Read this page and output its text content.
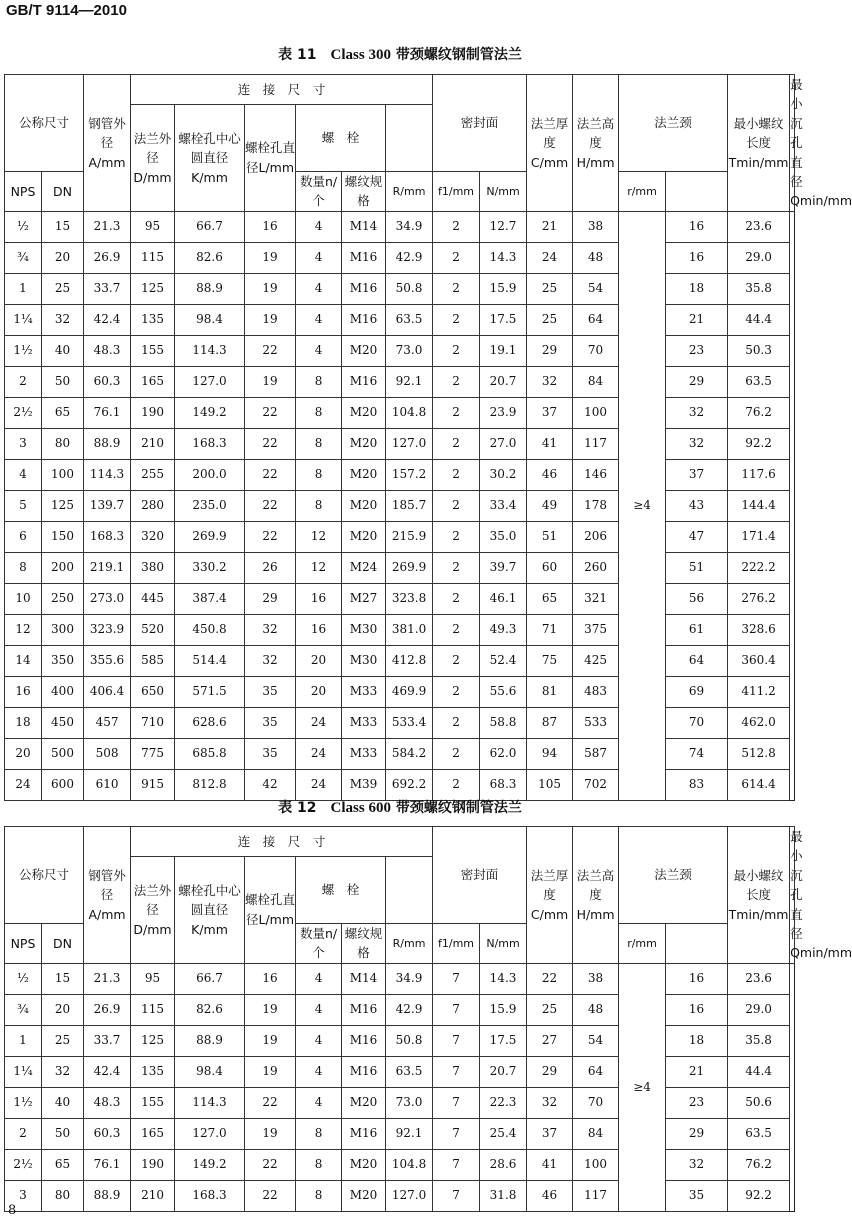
GB/T 9114—2010
表 11 Class 300 带颈螺纹钢制管法兰
公称尺寸		钢管外径A/mm	连　接　尺　寸						密封面		法兰厚度C/mm	法兰高度H/mm	法兰颈		最小螺纹长度Tmin/mm	最小沉孔直径Qmin/mm
			法兰外径D/mm	螺栓孔中心圆直径K/mm	螺栓孔直径L/mm	螺　栓										
NPS	DN					数量n/个	螺纹规格	R/mm	f1/mm	N/mm			r/mm			
½	15	21.3	95	66.7	16	4	M14	34.9	2	12.7	21	38	≥4	16	23.6	
¾	20	26.9	115	82.6	19	4	M16	42.9	2	14.3	24	48		16	29.0	
1	25	33.7	125	88.9	19	4	M16	50.8	2	15.9	25	54		18	35.8	
1¼	32	42.4	135	98.4	19	4	M16	63.5	2	17.5	25	64		21	44.4	
1½	40	48.3	155	114.3	22	4	M20	73.0	2	19.1	29	70		23	50.3	
2	50	60.3	165	127.0	19	8	M16	92.1	2	20.7	32	84		29	63.5	
2½	65	76.1	190	149.2	22	8	M20	104.8	2	23.9	37	100		32	76.2	
3	80	88.9	210	168.3	22	8	M20	127.0	2	27.0	41	117		32	92.2	
4	100	114.3	255	200.0	22	8	M20	157.2	2	30.2	46	146		37	117.6	
5	125	139.7	280	235.0	22	8	M20	185.7	2	33.4	49	178		43	144.4	
6	150	168.3	320	269.9	22	12	M20	215.9	2	35.0	51	206		47	171.4	
8	200	219.1	380	330.2	26	12	M24	269.9	2	39.7	60	260		51	222.2	
10	250	273.0	445	387.4	29	16	M27	323.8	2	46.1	65	321		56	276.2	
12	300	323.9	520	450.8	32	16	M30	381.0	2	49.3	71	375		61	328.6	
14	350	355.6	585	514.4	32	20	M30	412.8	2	52.4	75	425		64	360.4	
16	400	406.4	650	571.5	35	20	M33	469.9	2	55.6	81	483		69	411.2	
18	450	457	710	628.6	35	24	M33	533.4	2	58.8	87	533		70	462.0	
20	500	508	775	685.8	35	24	M33	584.2	2	62.0	94	587		74	512.8	
24	600	610	915	812.8	42	24	M39	692.2	2	68.3	105	702		83	614.4	
表 12 Class 600 带颈螺纹钢制管法兰
公称尺寸		钢管外径A/mm	连　接　尺　寸						密封面		法兰厚度C/mm	法兰高度H/mm	法兰颈		最小螺纹长度Tmin/mm	最小沉孔直径Qmin/mm
			法兰外径D/mm	螺栓孔中心圆直径K/mm	螺栓孔直径L/mm	螺　栓										
NPS	DN					数量n/个	螺纹规格	R/mm	f1/mm	N/mm			r/mm			
½	15	21.3	95	66.7	16	4	M14	34.9	7	14.3	22	38	≥4	16	23.6	
¾	20	26.9	115	82.6	19	4	M16	42.9	7	15.9	25	48		16	29.0	
1	25	33.7	125	88.9	19	4	M16	50.8	7	17.5	27	54		18	35.8	
1¼	32	42.4	135	98.4	19	4	M16	63.5	7	20.7	29	64		21	44.4	
1½	40	48.3	155	114.3	22	4	M20	73.0	7	22.3	32	70		23	50.6	
2	50	60.3	165	127.0	19	8	M16	92.1	7	25.4	37	84		29	63.5	
2½	65	76.1	190	149.2	22	8	M20	104.8	7	28.6	41	100		32	76.2	
3	80	88.9	210	168.3	22	8	M20	127.0	7	31.8	46	117		35	92.2	
8
